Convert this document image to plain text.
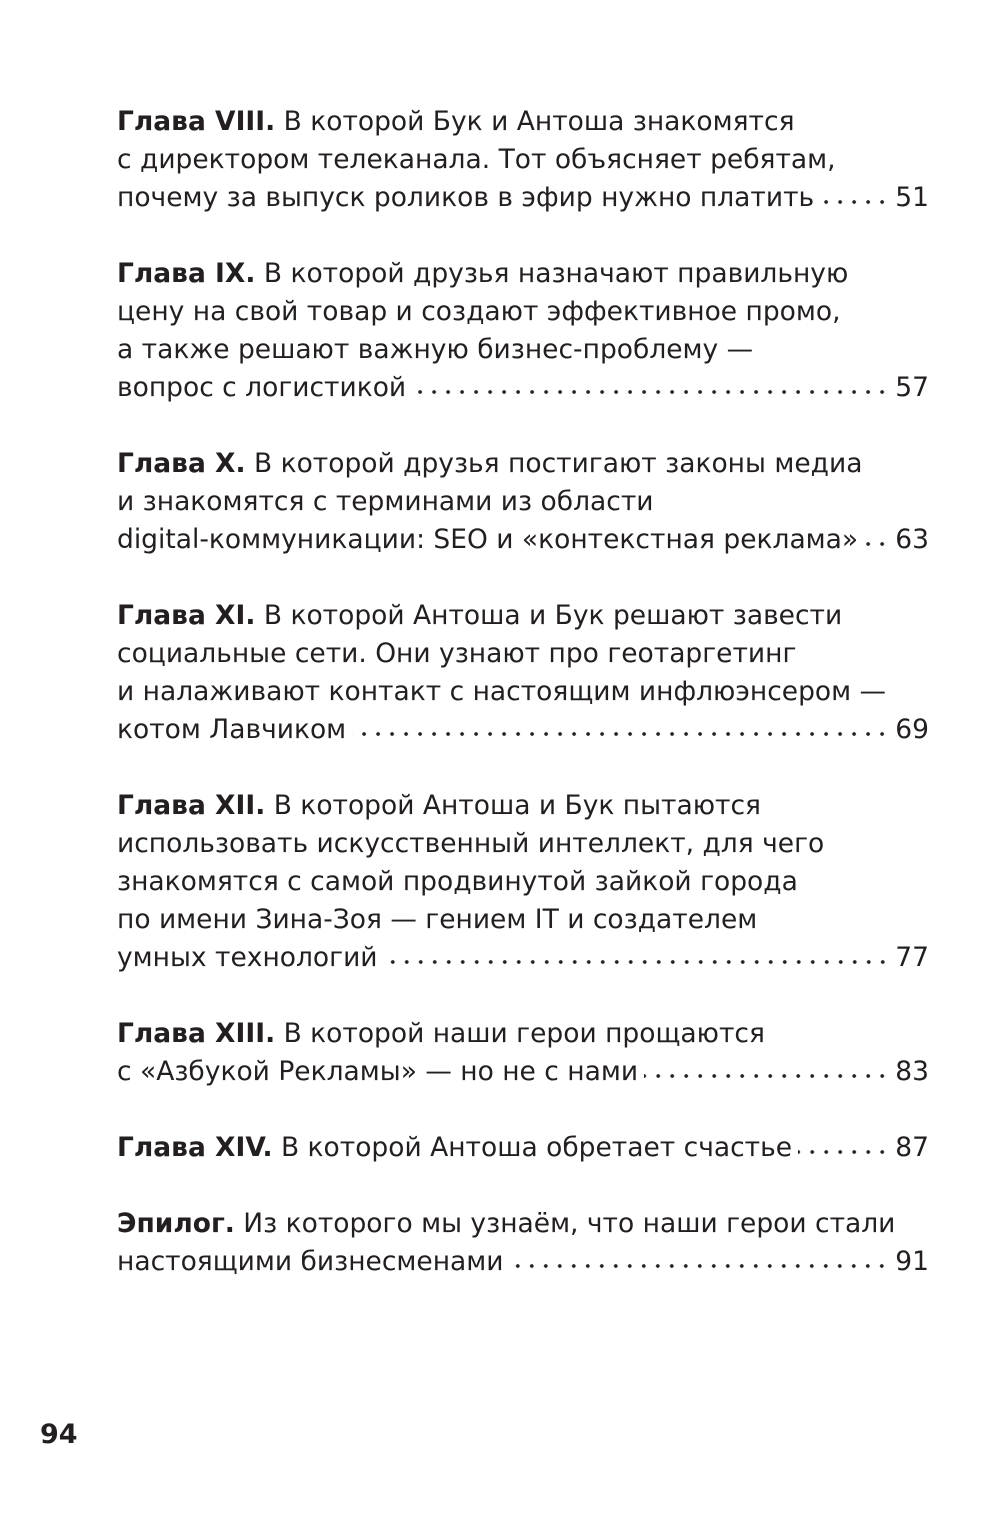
Глава VIII. В которой Бук и Антоша знакомятся
с директором телеканала. Тот объясняет ребятам,
почему за выпуск роликов в эфир нужно платить	51
Глава IX. В которой друзья назначают правильную
цену на свой товар и создают эффективное промо,
а также решают важную бизнес-проблему —
вопрос с логистикой	57
Глава X. В которой друзья постигают законы медиа
и знакомятся с терминами из области
digital-коммуникации: SEO и «контекстная реклама» 63
Глава XI. В которой Антоша и Бук решают завести
социальные сети. Они узнают про геотаргетинг
и налаживают контакт с настоящим инфлюэнсером —
котом Лавчиком	69
Глава XII. В которой Антоша и Бук пытаются
использовать искусственный интеллект, для чего
знакомятся с самой продвинутой зайкой города
по имени Зина-Зоя — гением IT и создателем
умных технологий	77
Глава XIII. В которой наши герои прощаются
с «Азбукой Рекламы» — но не с нами	83
Глава XIV. В которой Антоша обретает счастье	87
Эпилог. Из которого мы узнаём, что наши герои стали
настоящими бизнесменами	91
94
